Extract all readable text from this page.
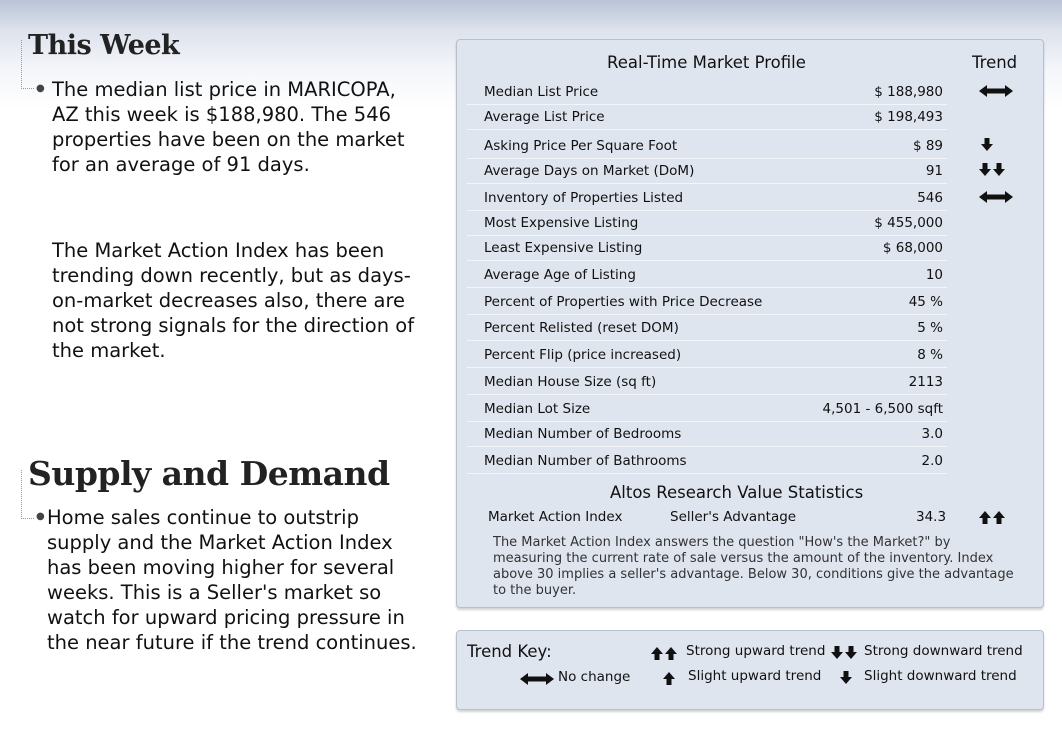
This Week
● The median list price in MARICOPA, AZ this week is $188,980. The 546 properties have been on the market for an average of 91 days.

The Market Action Index has been trending down recently, but as days-on-market decreases also, there are not strong signals for the direction of the market.

Supply and Demand
● Home sales continue to outstrip supply and the Market Action Index has been moving higher for several weeks. This is a Seller's market so watch for upward pricing pressure in the near future if the trend continues.

Real-Time Market Profile	Trend
Median List Price	$ 188,980
Average List Price	$ 198,493
Asking Price Per Square Foot	$ 89
Average Days on Market (DoM)	91
Inventory of Properties Listed	546
Most Expensive Listing	$ 455,000
Least Expensive Listing	$ 68,000
Average Age of Listing	10
Percent of Properties with Price Decrease	45 %
Percent Relisted (reset DOM)	5 %
Percent Flip (price increased)	8 %
Median House Size (sq ft)	2113
Median Lot Size	4,501 - 6,500 sqft
Median Number of Bedrooms	3.0
Median Number of Bathrooms	2.0
Altos Research Value Statistics
Market Action Index	Seller's Advantage	34.3

The Market Action Index answers the question "How's the Market?" by measuring the current rate of sale versus the amount of the inventory. Index above 30 implies a seller's advantage. Below 30, conditions give the advantage to the buyer.

Trend Key:	Strong upward trend	Strong downward trend
No change	Slight upward trend	Slight downward trend
